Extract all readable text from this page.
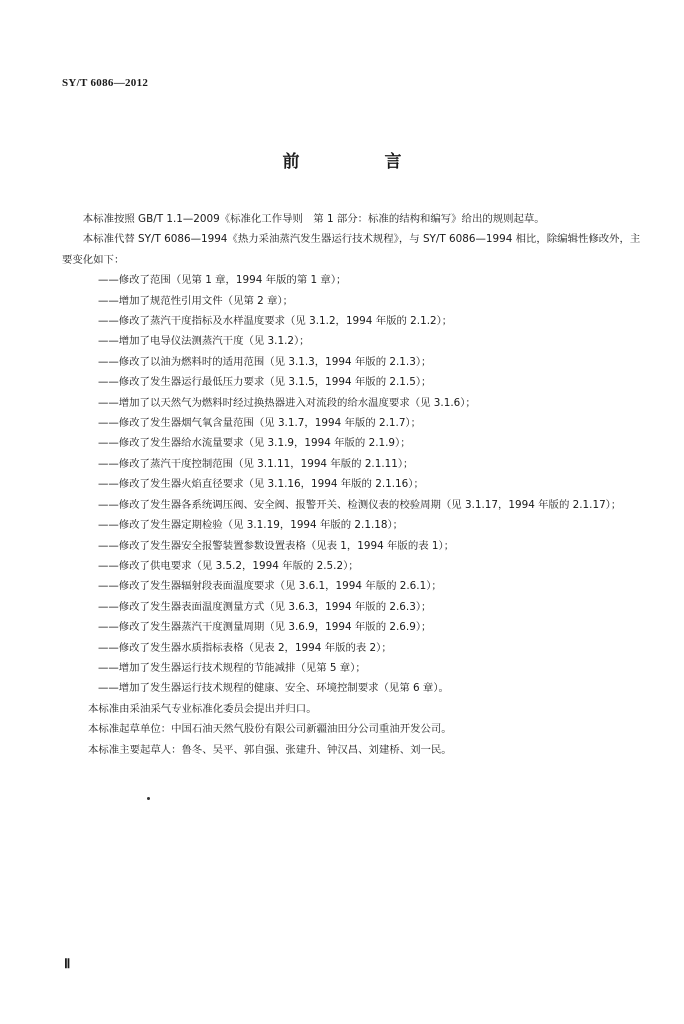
SY/T 6086—2012
前　言

本标准按照 GB/T 1.1—2009《标准化工作导则　第 1 部分：标准的结构和编写》给出的规则起草。

本标准代替 SY/T 6086—1994《热力采油蒸汽发生器运行技术规程》，与 SY/T 6086—1994 相比，除编辑性修改外，主要变化如下：

——修改了范围（见第 1 章，1994 年版的第 1 章）；

——增加了规范性引用文件（见第 2 章）；

——修改了蒸汽干度指标及水样温度要求（见 3.1.2，1994 年版的 2.1.2）；

——增加了电导仪法测蒸汽干度（见 3.1.2）；

——修改了以油为燃料时的适用范围（见 3.1.3，1994 年版的 2.1.3）；

——修改了发生器运行最低压力要求（见 3.1.5，1994 年版的 2.1.5）；

——增加了以天然气为燃料时经过换热器进入对流段的给水温度要求（见 3.1.6）；

——修改了发生器烟气氧含量范围（见 3.1.7，1994 年版的 2.1.7）；

——修改了发生器给水流量要求（见 3.1.9，1994 年版的 2.1.9）；

——修改了蒸汽干度控制范围（见 3.1.11，1994 年版的 2.1.11）；

——修改了发生器火焰直径要求（见 3.1.16，1994 年版的 2.1.16）；

——修改了发生器各系统调压阀、安全阀、报警开关、检测仪表的校验周期（见 3.1.17，1994 年版的 2.1.17）；

——修改了发生器定期检验（见 3.1.19，1994 年版的 2.1.18）；

——修改了发生器安全报警装置参数设置表格（见表 1，1994 年版的表 1）；

——修改了供电要求（见 3.5.2，1994 年版的 2.5.2）；

——修改了发生器辐射段表面温度要求（见 3.6.1，1994 年版的 2.6.1）；

——修改了发生器表面温度测量方式（见 3.6.3，1994 年版的 2.6.3）；

——修改了发生器蒸汽干度测量周期（见 3.6.9，1994 年版的 2.6.9）；

——修改了发生器水质指标表格（见表 2，1994 年版的表 2）；

——增加了发生器运行技术规程的节能减排（见第 5 章）；

——增加了发生器运行技术规程的健康、安全、环境控制要求（见第 6 章）。

本标准由采油采气专业标准化委员会提出并归口。

本标准起草单位：中国石油天然气股份有限公司新疆油田分公司重油开发公司。

本标准主要起草人：鲁冬、吴平、郭自强、张建升、钟汉昌、刘建桥、刘一民。

Ⅱ
